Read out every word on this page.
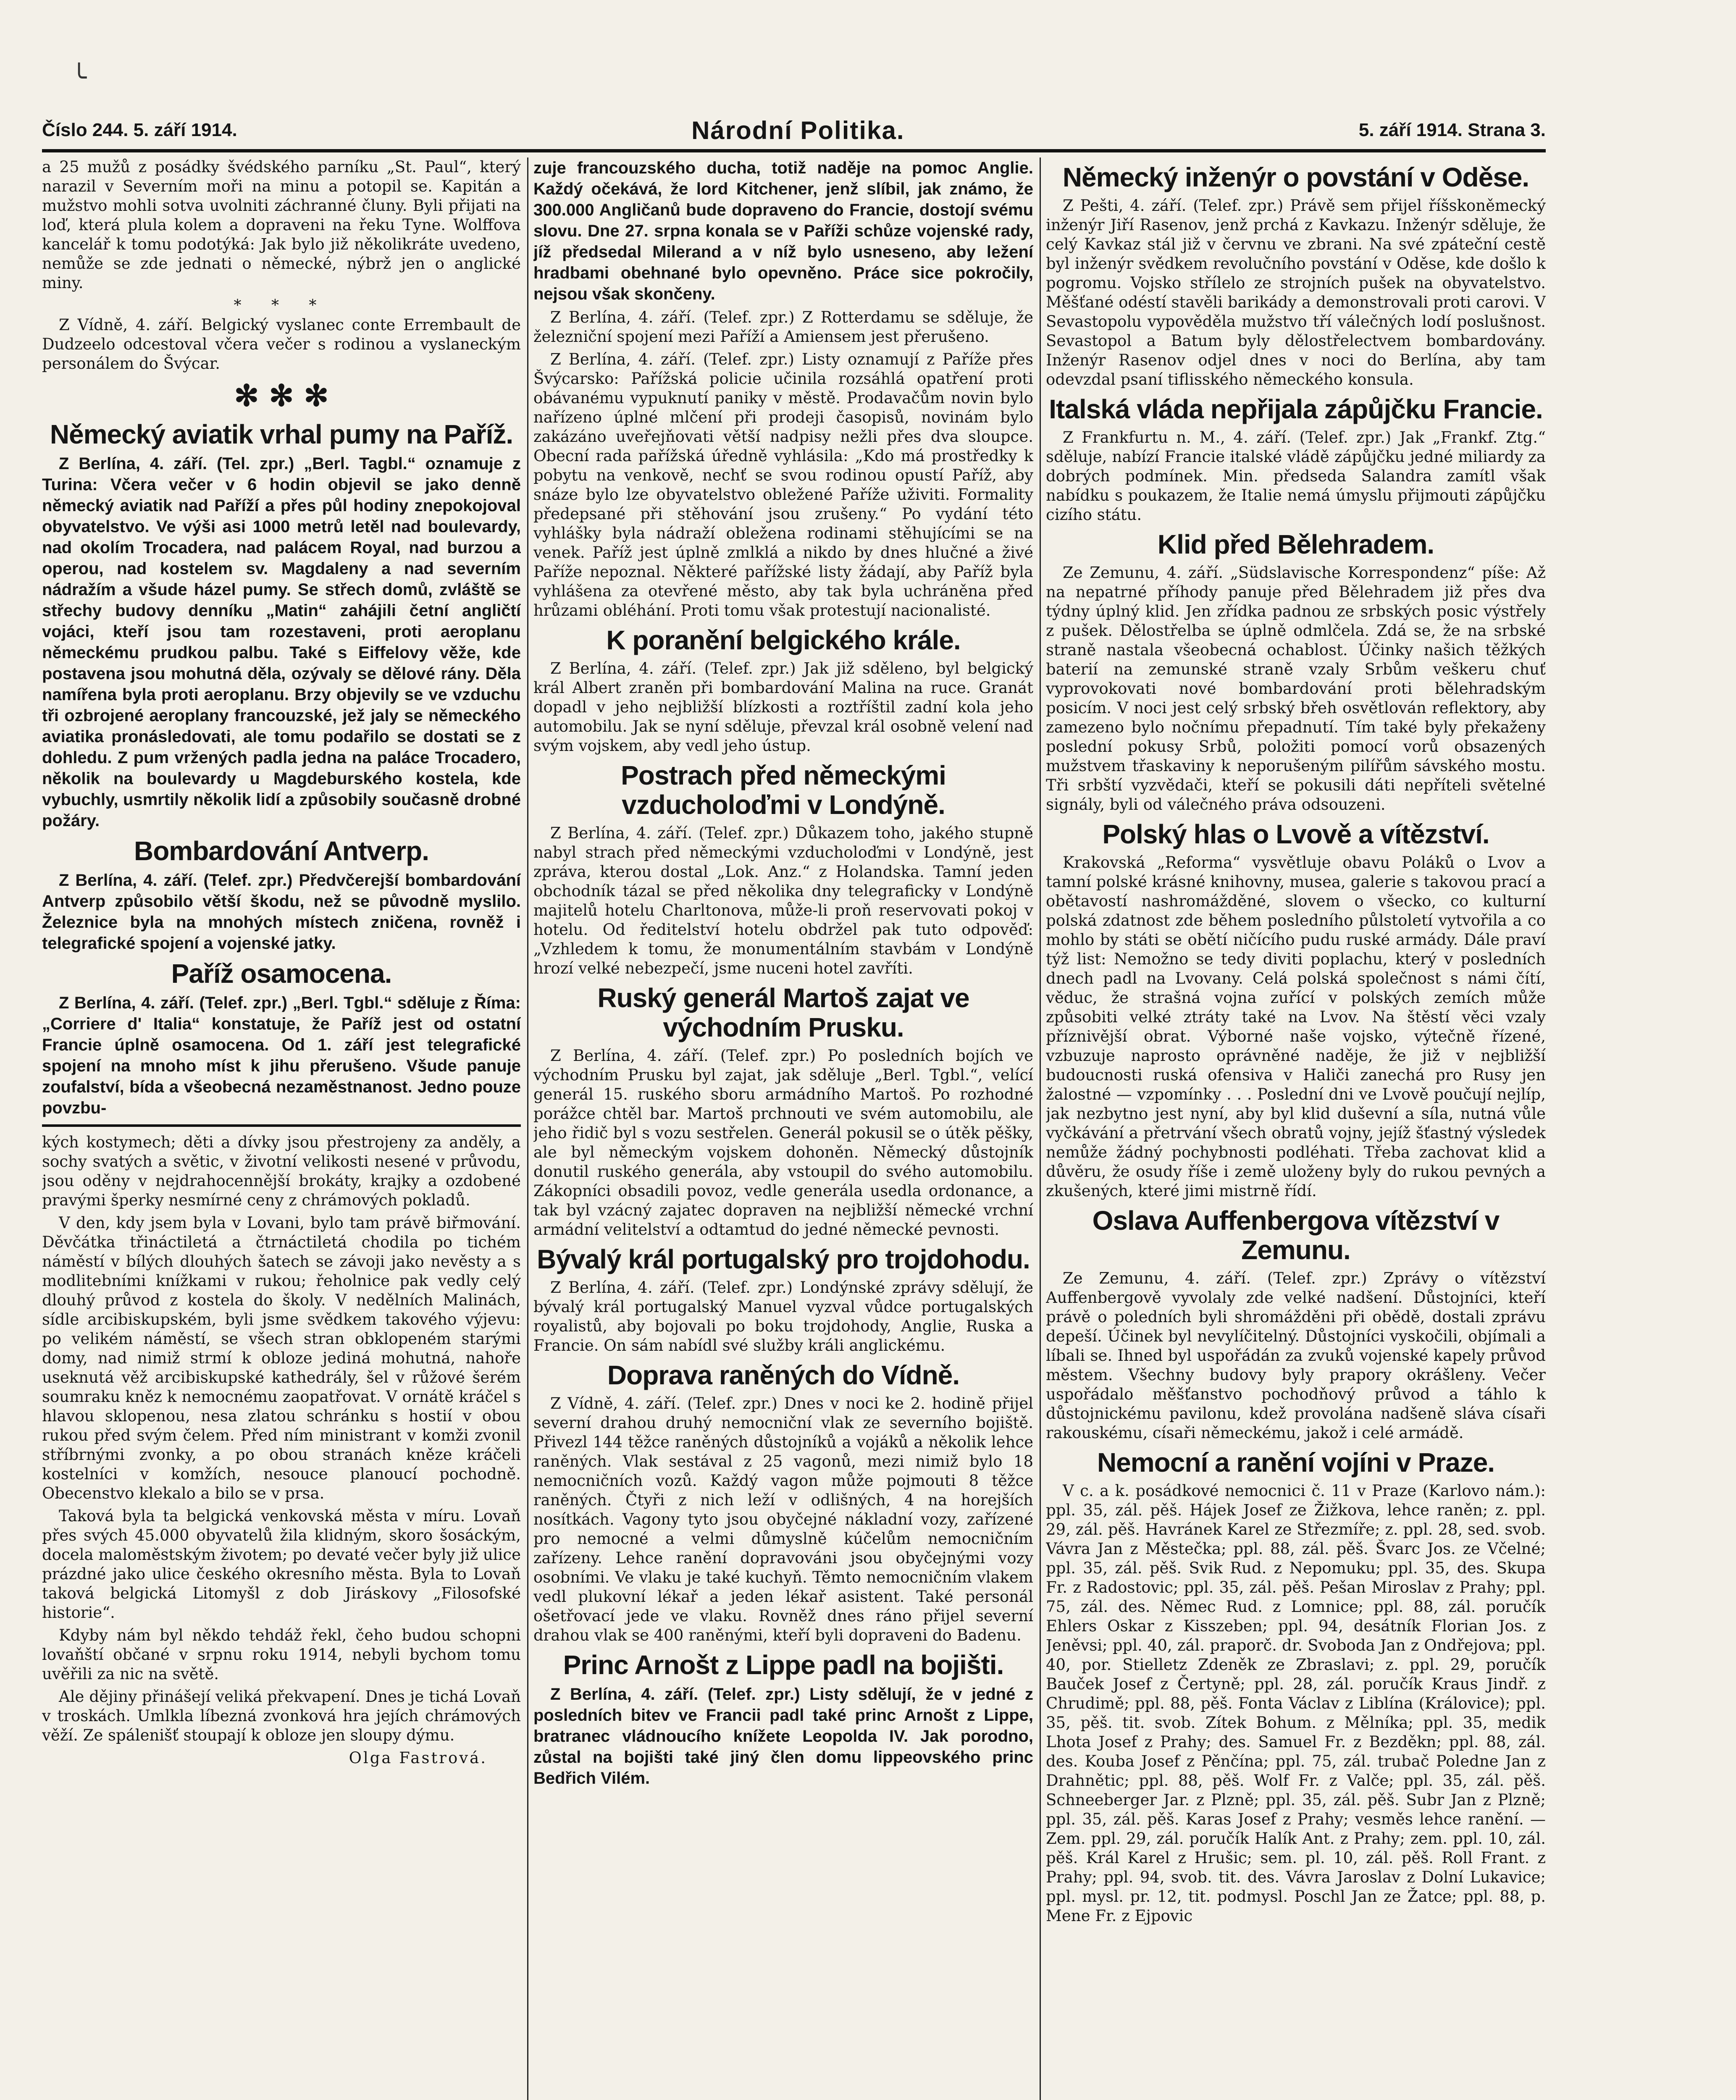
╰
Číslo 244. 5. září 1914.	Národní Politika.	5. září 1914. Strana 3.

a 25 mužů z posádky švédského parníku „St. Paul“, který narazil v Severním moři na minu a potopil se. Kapitán a mužstvo mohli sotva uvolniti záchranné čluny. Byli přijati na loď, která plula kolem a dopraveni na řeku Tyne. Wolffova kancelář k tomu podotýká: Jak bylo již několikráte uvedeno, nemůže se zde jednati o německé, nýbrž jen o anglické miny.

* * *

Z Vídně, 4. září. Belgický vyslanec conte Errembault de Dudzeelo odcestoval včera večer s rodinou a vyslaneckým personálem do Švýcar.

✻ ✻ ✻
Německý aviatik vrhal pumy na Paříž.

Z Berlína, 4. září. (Tel. zpr.) „Berl. Tagbl.“ oznamuje z Turina: Včera večer v 6 hodin objevil se jako denně německý aviatik nad Paříží a přes půl hodiny znepokojoval obyvatelstvo. Ve výši asi 1000 metrů letěl nad boulevardy, nad okolím Trocadera, nad palácem Royal, nad burzou a operou, nad kostelem sv. Magdaleny a nad severním nádražím a všude házel pumy. Se střech domů, zvláště se střechy budovy denníku „Matin“ zahájili četní angličtí vojáci, kteří jsou tam rozestaveni, proti aeroplanu německému prudkou palbu. Také s Eiffelovy věže, kde postavena jsou mohutná děla, ozývaly se dělové rány. Děla namířena byla proti aeroplanu. Brzy objevily se ve vzduchu tři ozbrojené aeroplany francouzské, jež jaly se německého aviatika pronásledovati, ale tomu podařilo se dostati se z dohledu. Z pum vržených padla jedna na paláce Trocadero, několik na boulevardy u Magdeburského kostela, kde vybuchly, usmrtily několik lidí a způsobily současně drobné požáry.

Bombardování Antverp.

Z Berlína, 4. září. (Telef. zpr.) Předvčerejší bombardování Antverp způsobilo větší škodu, než se původně myslilo. Železnice byla na mnohých místech zničena, rovněž i telegrafické spojení a vojenské jatky.

Paříž osamocena.

Z Berlína, 4. září. (Telef. zpr.) „Berl. Tgbl.“ sděluje z Říma: „Corriere d' Italia“ konstatuje, že Paříž jest od ostatní Francie úplně osamocena. Od 1. září jest telegrafické spojení na mnoho míst k jihu přerušeno. Všude panuje zoufalství, bída a všeobecná nezaměstnanost. Jedno pouze povzbu-

kých kostymech; děti a dívky jsou přestrojeny za anděly, a sochy svatých a světic, v životní velikosti nesené v průvodu, jsou oděny v nejdrahocennější brokáty, krajky a ozdobené pravými šperky nesmírné ceny z chrámových pokladů.

V den, kdy jsem byla v Lovani, bylo tam právě biřmování. Děvčátka třináctiletá a čtrnáctiletá chodila po tichém náměstí v bílých dlouhých šatech se závoji jako nevěsty a s modlitebními knížkami v rukou; řeholnice pak vedly celý dlouhý průvod z kostela do školy. V nedělních Malinách, sídle arcibiskupském, byli jsme svědkem takového výjevu: po velikém náměstí, se všech stran obklopeném starými domy, nad nimiž strmí k obloze jediná mohutná, nahoře useknutá věž arcibiskupské kathedrály, šel v růžové šerém soumraku kněz k nemocnému zaopatřovat. V ornátě kráčel s hlavou sklopenou, nesa zlatou schránku s hostií v obou rukou před svým čelem. Před ním ministrant v komži zvonil stříbrnými zvonky, a po obou stranách kněze kráčeli kostelníci v komžích, nesouce planoucí pochodně. Obecenstvo klekalo a bilo se v prsa.

Taková byla ta belgická venkovská města v míru. Lovaň přes svých 45.000 obyvatelů žila klidným, skoro šosáckým, docela maloměstským životem; po devaté večer byly již ulice prázdné jako ulice českého okresního města. Byla to Lovaň taková belgická Litomyšl z dob Jiráskovy „Filosofské historie“.

Kdyby nám byl někdo tehdáž řekl, čeho budou schopni lovaňští občané v srpnu roku 1914, nebyli bychom tomu uvěřili za nic na světě.

Ale dějiny přinášejí veliká překvapení. Dnes je tichá Lovaň v troskách. Umlkla líbezná zvonková hra jejích chrámových věží. Ze spálenišť stoupají k obloze jen sloupy dýmu.

Olga Fastrová.

zuje francouzského ducha, totiž naděje na pomoc Anglie. Každý očekává, že lord Kitchener, jenž slíbil, jak známo, že 300.000 Angličanů bude dopraveno do Francie, dostojí svému slovu. Dne 27. srpna konala se v Paříži schůze vojenské rady, jíž předsedal Milerand a v níž bylo usneseno, aby ležení hradbami obehnané bylo opevněno. Práce sice pokročily, nejsou však skončeny.

Z Berlína, 4. září. (Telef. zpr.) Z Rotterdamu se sděluje, že železniční spojení mezi Paříží a Amiensem jest přerušeno.

Z Berlína, 4. září. (Telef. zpr.) Listy oznamují z Paříže přes Švýcarsko: Pařížská policie učinila rozsáhlá opatření proti obávanému vypuknutí paniky v městě. Prodavačům novin bylo nařízeno úplné mlčení při prodeji časopisů, novinám bylo zakázáno uveřejňovati větší nadpisy nežli přes dva sloupce. Obecní rada pařížská úředně vyhlásila: „Kdo má prostředky k pobytu na venkově, nechť se svou rodinou opustí Paříž, aby snáze bylo lze obyvatelstvo obležené Paříže uživiti. Formality předepsané při stěhování jsou zrušeny.“ Po vydání této vyhlášky byla nádraží obležena rodinami stěhujícími se na venek. Paříž jest úplně zmlklá a nikdo by dnes hlučné a živé Paříže nepoznal. Některé pařížské listy žádají, aby Paříž byla vyhlášena za otevřené město, aby tak byla uchráněna před hrůzami obléhání. Proti tomu však protestují nacionalisté.

K poranění belgického krále.

Z Berlína, 4. září. (Telef. zpr.) Jak již sděleno, byl belgický král Albert zraněn při bombardování Malina na ruce. Granát dopadl v jeho nejbližší blízkosti a roztříštil zadní kola jeho automobilu. Jak se nyní sděluje, převzal král osobně velení nad svým vojskem, aby vedl jeho ústup.

Postrach před německými vzducholoďmi v Londýně.

Z Berlína, 4. září. (Telef. zpr.) Důkazem toho, jakého stupně nabyl strach před německými vzducholoďmi v Londýně, jest zpráva, kterou dostal „Lok. Anz.“ z Holandska. Tamní jeden obchodník tázal se před několika dny telegraficky v Londýně majitelů hotelu Charltonova, může-li proň reservovati pokoj v hotelu. Od ředitelství hotelu obdržel pak tuto odpověď: „Vzhledem k tomu, že monumentálním stavbám v Londýně hrozí velké nebezpečí, jsme nuceni hotel zavříti.

Ruský generál Martoš zajat ve východním Prusku.

Z Berlína, 4. září. (Telef. zpr.) Po posledních bojích ve východním Prusku byl zajat, jak sděluje „Berl. Tgbl.“, velící generál 15. ruského sboru armádního Martoš. Po rozhodné porážce chtěl bar. Martoš prchnouti ve svém automobilu, ale jeho řidič byl s vozu sestřelen. Generál pokusil se o útěk pěšky, ale byl německým vojskem dohoněn. Německý důstojník donutil ruského generála, aby vstoupil do svého automobilu. Zákopníci obsadili povoz, vedle generála usedla ordonance, a tak byl vzácný zajatec dopraven na nejbližší německé vrchní armádní velitelství a odtamtud do jedné německé pevnosti.

Bývalý král portugalský pro trojdohodu.

Z Berlína, 4. září. (Telef. zpr.) Londýnské zprávy sdělují, že bývalý král portugalský Manuel vyzval vůdce portugalských royalistů, aby bojovali po boku trojdohody, Anglie, Ruska a Francie. On sám nabídl své služby králi anglickému.

Doprava raněných do Vídně.

Z Vídně, 4. září. (Telef. zpr.) Dnes v noci ke 2. hodině přijel severní drahou druhý nemocniční vlak ze severního bojiště. Přivezl 144 těžce raněných důstojníků a vojáků a několik lehce raněných. Vlak sestával z 25 vagonů, mezi nimiž bylo 18 nemocničních vozů. Každý vagon může pojmouti 8 těžce raněných. Čtyři z nich leží v odlišných, 4 na horejších nosítkách. Vagony tyto jsou obyčejné nákladní vozy, zařízené pro nemocné a velmi důmyslně kúčelům nemocničním zařízeny. Lehce ranění dopravováni jsou obyčejnými vozy osobními. Ve vlaku je také kuchyň. Těmto nemocničním vlakem vedl plukovní lékař a jeden lékař asistent. Také personál ošetřovací jede ve vlaku. Rovněž dnes ráno přijel severní drahou vlak se 400 raněnými, kteří byli dopraveni do Badenu.

Princ Arnošt z Lippe padl na bojišti.

Z Berlína, 4. září. (Telef. zpr.) Listy sdělují, že v jedné z posledních bitev ve Francii padl také princ Arnošt z Lippe, bratranec vládnoucího knížete Leopolda IV. Jak porodno, zůstal na bojišti také jiný člen domu lippeovského princ Bedřich Vilém.

Německý inženýr o povstání v Oděse.

Z Pešti, 4. září. (Telef. zpr.) Právě sem přijel říšskoněmecký inženýr Jiří Rasenov, jenž prchá z Kavkazu. Inženýr sděluje, že celý Kavkaz stál již v červnu ve zbrani. Na své zpáteční cestě byl inženýr svědkem revolučního povstání v Oděse, kde došlo k pogromu. Vojsko střílelo ze strojních pušek na obyvatelstvo. Měšťané odéstí stavěli barikády a demonstrovali proti carovi. V Sevastopolu vypověděla mužstvo tří válečných lodí poslušnost. Sevastopol a Batum byly dělostřelectvem bombardovány. Inženýr Rasenov odjel dnes v noci do Berlína, aby tam odevzdal psaní tiflisského německého konsula.

Italská vláda nepřijala zápůjčku Francie.

Z Frankfurtu n. M., 4. září. (Telef. zpr.) Jak „Frankf. Ztg.“ sděluje, nabízí Francie italské vládě zápůjčku jedné miliardy za dobrých podmínek. Min. předseda Salandra zamítl však nabídku s poukazem, že Italie nemá úmyslu přijmouti zápůjčku cizího státu.

Klid před Bělehradem.

Ze Zemunu, 4. září. „Südslavische Korrespondenz“ píše: Až na nepatrné příhody panuje před Bělehradem již přes dva týdny úplný klid. Jen zřídka padnou ze srbských posic výstřely z pušek. Dělostřelba se úplně odmlčela. Zdá se, že na srbské straně nastala všeobecná ochablost. Účinky našich těžkých baterií na zemunské straně vzaly Srbům veškeru chuť vyprovokovati nové bombardování proti bělehradským posicím. V noci jest celý srbský břeh osvětlován reflektory, aby zamezeno bylo nočnímu přepadnutí. Tím také byly překaženy poslední pokusy Srbů, položiti pomocí vorů obsazených mužstvem třaskaviny k neporušeným pilířům sávského mostu. Tři srbští vyzvědači, kteří se pokusili dáti nepříteli světelné signály, byli od válečného práva odsouzeni.

Polský hlas o Lvově a vítězství.

Krakovská „Reforma“ vysvětluje obavu Poláků o Lvov a tamní polské krásné knihovny, musea, galerie s takovou prací a obětavostí nashromážděné, slovem o všecko, co kulturní polská zdatnost zde během posledního půlstoletí vytvořila a co mohlo by státi se obětí ničícího pudu ruské armády. Dále praví týž list: Nemožno se tedy diviti poplachu, který v posledních dnech padl na Lvovany. Celá polská společnost s námi čítí, věduc, že strašná vojna zuřící v polských zemích může způsobiti velké ztráty také na Lvov. Na štěstí věci vzaly příznivější obrat. Výborné naše vojsko, výtečně řízené, vzbuzuje naprosto oprávněné naděje, že již v nejbližší budoucnosti ruská ofensiva v Haliči zanechá pro Rusy jen žalostné — vzpomínky . . . Poslední dni ve Lvově poučují nejlíp, jak nezbytno jest nyní, aby byl klid duševní a síla, nutná vůle vyčkávání a přetrvání všech obratů vojny, jejíž šťastný výsledek nemůže žádný pochybnosti podléhati. Třeba zachovat klid a důvěru, že osudy říše i země uloženy byly do rukou pevných a zkušených, které jimi mistrně řídí.

Oslava Auffenbergova vítězství v Zemunu.

Ze Zemunu, 4. září. (Telef. zpr.) Zprávy o vítězství Auffenbergově vyvolaly zde velké nadšení. Důstojníci, kteří právě o poledních byli shromážděni při obědě, dostali zprávu depeší. Účinek byl nevylíčitelný. Důstojníci vyskočili, objímali a líbali se. Ihned byl uspořádán za zvuků vojenské kapely průvod městem. Všechny budovy byly prapory okrášleny. Večer uspořádalo měšťanstvo pochodňový průvod a táhlo k důstojnickému pavilonu, kdež provolána nadšeně sláva císaři rakouskému, císaři německému, jakož i celé armádě.

Nemocní a ranění vojíni v Praze.

V c. a k. posádkové nemocnici č. 11 v Praze (Karlovo nám.): ppl. 35, zál. pěš. Hájek Josef ze Žižkova, lehce raněn; z. ppl. 29, zál. pěš. Havránek Karel ze Střezmíře; z. ppl. 28, sed. svob. Vávra Jan z Městečka; ppl. 88, zál. pěš. Švarc Jos. ze Včelné; ppl. 35, zál. pěš. Svik Rud. z Nepomuku; ppl. 35, des. Skupa Fr. z Radostovic; ppl. 35, zál. pěš. Pešan Miroslav z Prahy; ppl. 75, zál. des. Němec Rud. z Lomnice; ppl. 88, zál. poručík Ehlers Oskar z Kisszeben; ppl. 94, desátník Florian Jos. z Jeněvsi; ppl. 40, zál. praporč. dr. Svoboda Jan z Ondřejova; ppl. 40, por. Stielletz Zdeněk ze Zbraslavi; z. ppl. 29, poručík Bauček Josef z Čertyně; ppl. 28, zál. poručík Kraus Jindř. z Chrudimě; ppl. 88, pěš. Fonta Václav z Liblína (Královice); ppl. 35, pěš. tit. svob. Zítek Bohum. z Mělníka; ppl. 35, medik Lhota Josef z Prahy; des. Samuel Fr. z Bezděkn; ppl. 88, zál. des. Kouba Josef z Pěnčína; ppl. 75, zál. trubač Poledne Jan z Drahnětic; ppl. 88, pěš. Wolf Fr. z Valče; ppl. 35, zál. pěš. Schneeberger Jar. z Plzně; ppl. 35, zál. pěš. Subr Jan z Plzně; ppl. 35, zál. pěš. Karas Josef z Prahy; vesměs lehce ranění. — Zem. ppl. 29, zál. poručík Halík Ant. z Prahy; zem. ppl. 10, zál. pěš. Král Karel z Hrušic; sem. pl. 10, zál. pěš. Roll Frant. z Prahy; ppl. 94, svob. tit. des. Vávra Jaroslav z Dolní Lukavice; ppl. mysl. pr. 12, tit. podmysl. Poschl Jan ze Žatce; ppl. 88, p. Mene Fr. z Ejpovic
